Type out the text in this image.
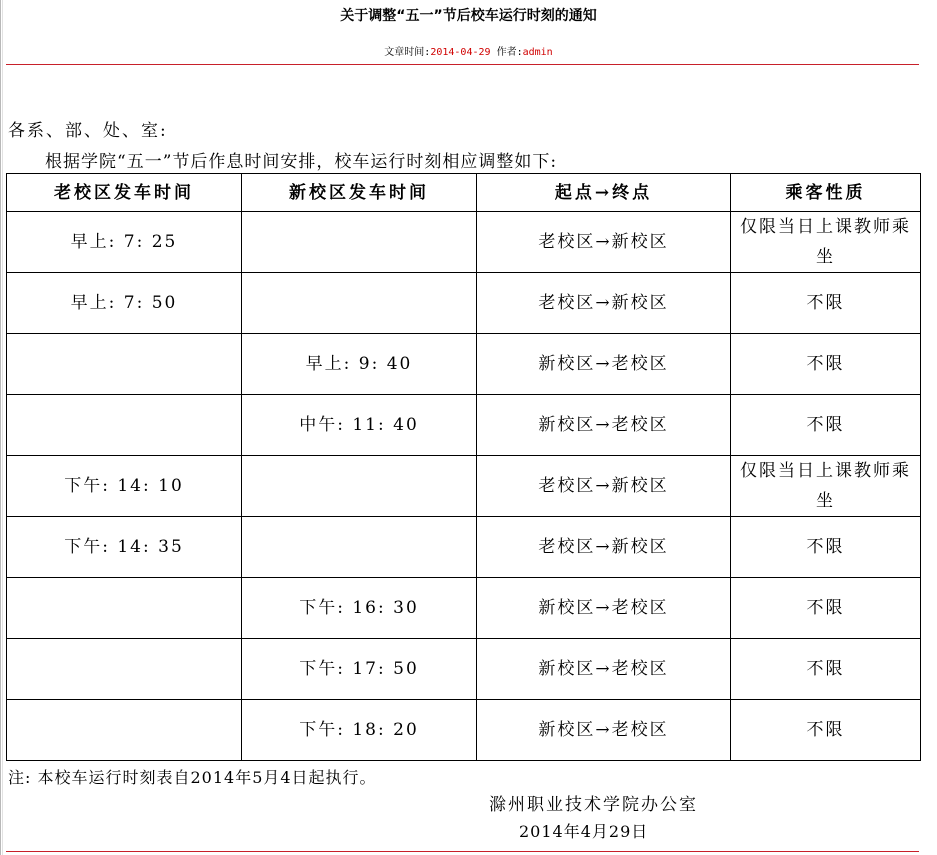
关于调整“五一”节后校车运行时刻的通知
文章时间:2014-04-29 作者:admin
各系、部、处、室:
根据学院“五一”节后作息时间安排，校车运行时刻相应调整如下:
老校区发车时间	新校区发车时间	起点→终点	乘客性质
早上: 7: 25		老校区→新校区	仅限当日上课教师乘坐
早上: 7: 50		老校区→新校区	不限
	早上: 9: 40	新校区→老校区	不限
	中午: 11: 40	新校区→老校区	不限
下午: 14: 10		老校区→新校区	仅限当日上课教师乘坐
下午: 14: 35		老校区→新校区	不限
	下午: 16: 30	新校区→老校区	不限
	下午: 17: 50	新校区→老校区	不限
	下午: 18: 20	新校区→老校区	不限
注: 本校车运行时刻表自2014年5月4日起执行。
滁州职业技术学院办公室
2014年4月29日
